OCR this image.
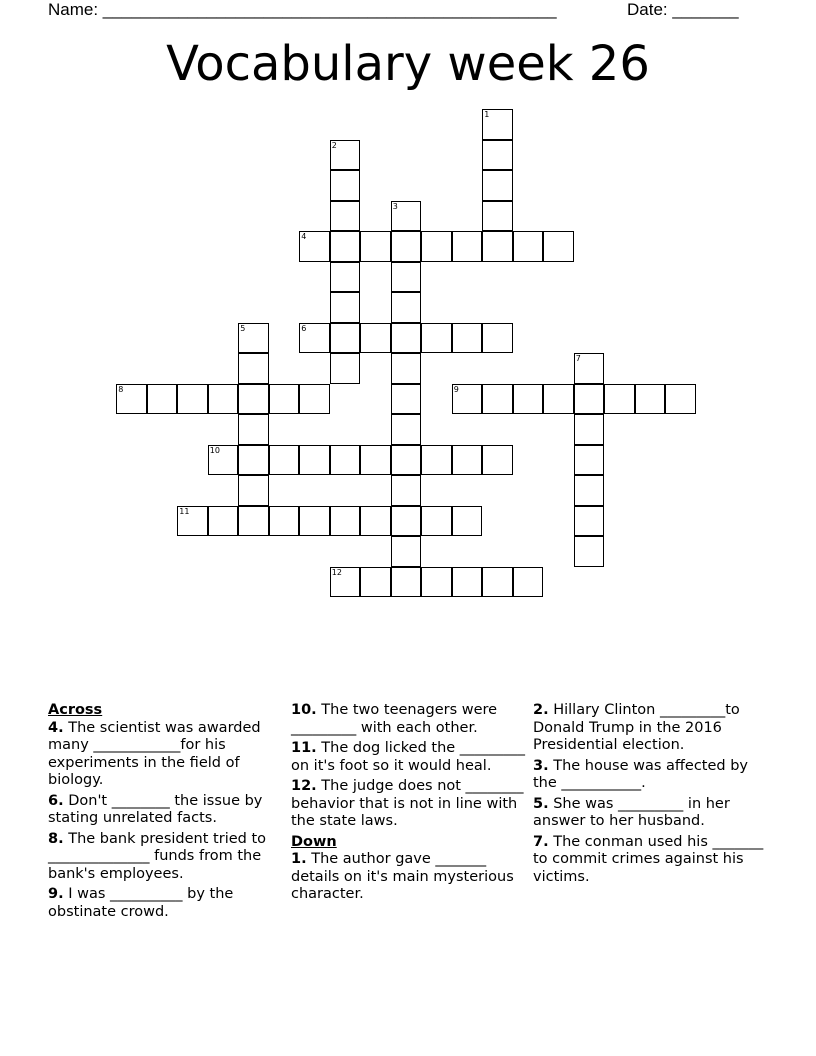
Name: ________________________________________________	Date: _______
Vocabulary week 26
1
2
3
4
5	6
7
8	9
10
11
12
Across
4. The scientist was awarded many ____________for his experiments in the field of biology.
6. Don't ________ the issue by stating unrelated facts.
8. The bank president tried to ______________ funds from the bank's employees.
9. I was __________ by the obstinate crowd.
10. The two teenagers were _________ with each other.
11. The dog licked the _________ on it's foot so it would heal.
12. The judge does not ________ behavior that is not in line with the state laws.
Down
1. The author gave _______ details on it's main mysterious character.
2. Hillary Clinton _________to Donald Trump in the 2016 Presidential election.
3. The house was affected by the ___________.
5. She was _________ in her answer to her husband.
7. The conman used his _______ to commit crimes against his victims.
